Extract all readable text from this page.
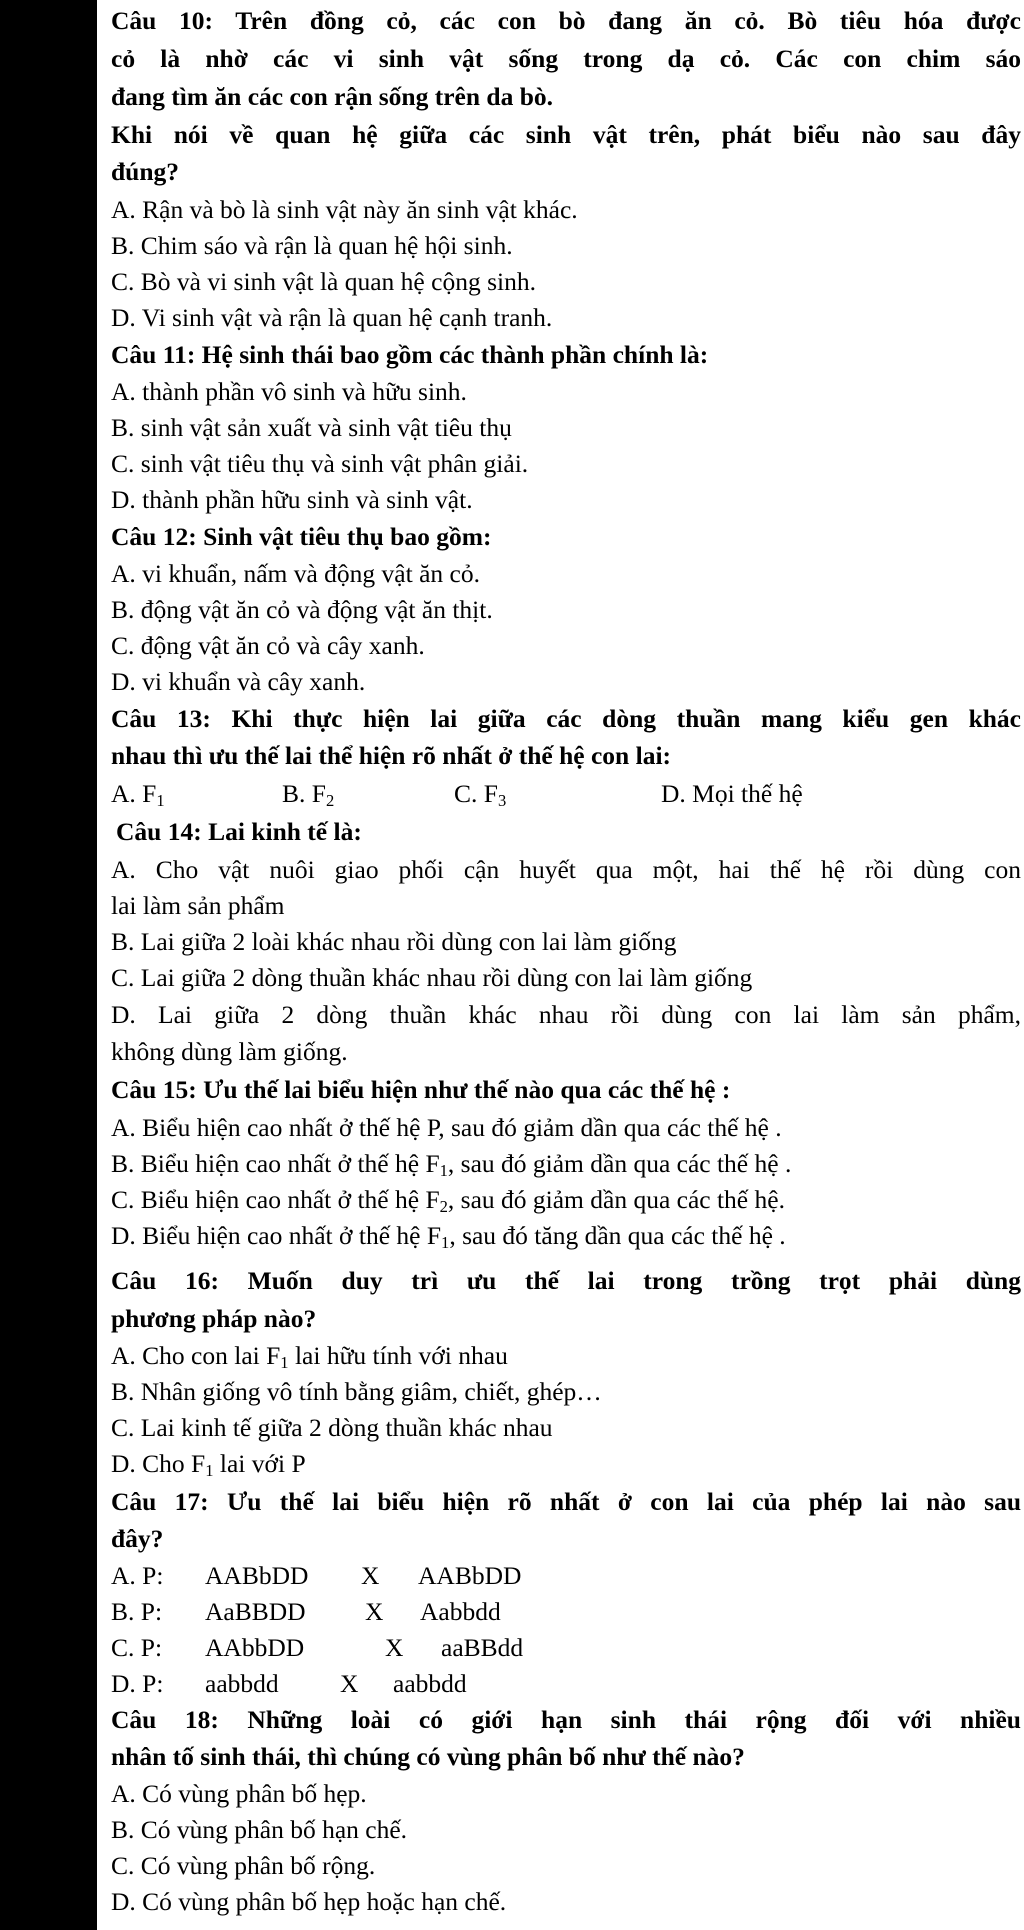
Câu 10: Trên đồng cỏ, các con bò đang ăn cỏ. Bò tiêu hóa được
cỏ là nhờ các vi sinh vật sống trong dạ cỏ. Các con chim sáo
đang tìm ăn các con rận sống trên da bò.
Khi nói về quan hệ giữa các sinh vật trên, phát biểu nào sau đây
đúng?
A. Rận và bò là sinh vật này ăn sinh vật khác.
B. Chim sáo và rận là quan hệ hội sinh.
C. Bò và vi sinh vật là quan hệ cộng sinh.
D. Vi sinh vật và rận là quan hệ cạnh tranh.
Câu 11: Hệ sinh thái bao gồm các thành phần chính là:
A. thành phần vô sinh và hữu sinh.
B. sinh vật sản xuất và sinh vật tiêu thụ
C. sinh vật tiêu thụ và sinh vật phân giải.
D. thành phần hữu sinh và sinh vật.
Câu 12: Sinh vật tiêu thụ bao gồm:
A. vi khuẩn, nấm và động vật ăn cỏ.
B. động vật ăn cỏ và động vật ăn thịt.
C. động vật ăn cỏ và cây xanh.
D. vi khuẩn và cây xanh.
Câu 13: Khi thực hiện lai giữa các dòng thuần mang kiểu gen khác
nhau thì ưu thế lai thể hiện rõ nhất ở thế hệ con lai:
A. $F_1$	B. $F_2$	C. $F_3$	D. Mọi thế hệ
Câu 14: Lai kinh tế là:
A. Cho vật nuôi giao phối cận huyết qua một, hai thế hệ rồi dùng con
lai làm sản phẩm
B. Lai giữa 2 loài khác nhau rồi dùng con lai làm giống
C. Lai giữa 2 dòng thuần khác nhau rồi dùng con lai làm giống
D. Lai giữa 2 dòng thuần khác nhau rồi dùng con lai làm sản phẩm,
không dùng làm giống.
Câu 15: Ưu thế lai biểu hiện như thế nào qua các thế hệ :
A. Biểu hiện cao nhất ở thế hệ P, sau đó giảm dần qua các thế hệ .
B. Biểu hiện cao nhất ở thế hệ $F_1$, sau đó giảm dần qua các thế hệ .
C. Biểu hiện cao nhất ở thế hệ $F_2$, sau đó giảm dần qua các thế hệ.
D. Biểu hiện cao nhất ở thế hệ $F_1$, sau đó tăng dần qua các thế hệ .
Câu 16: Muốn duy trì ưu thế lai trong trồng trọt phải dùng
phương pháp nào?
A. Cho con lai $F_1$ lai hữu tính với nhau
B. Nhân giống vô tính bằng giâm, chiết, ghép…
C. Lai kinh tế giữa 2 dòng thuần khác nhau
D. Cho $F_1$ lai với P
Câu 17: Ưu thế lai biểu hiện rõ nhất ở con lai của phép lai nào sau
đây?
A. P: AABbDD X AABbDD
B. P: AaBBDD X Aabbdd
C. P: AAbbDD	X aaBBdd
D. P: aabbdd X aabbdd
Câu 18: Những loài có giới hạn sinh thái rộng đối với nhiều
nhân tố sinh thái, thì chúng có vùng phân bố như thế nào?
A. Có vùng phân bố hẹp.
B. Có vùng phân bố hạn chế.
C. Có vùng phân bố rộng.
D. Có vùng phân bố hẹp hoặc hạn chế.
